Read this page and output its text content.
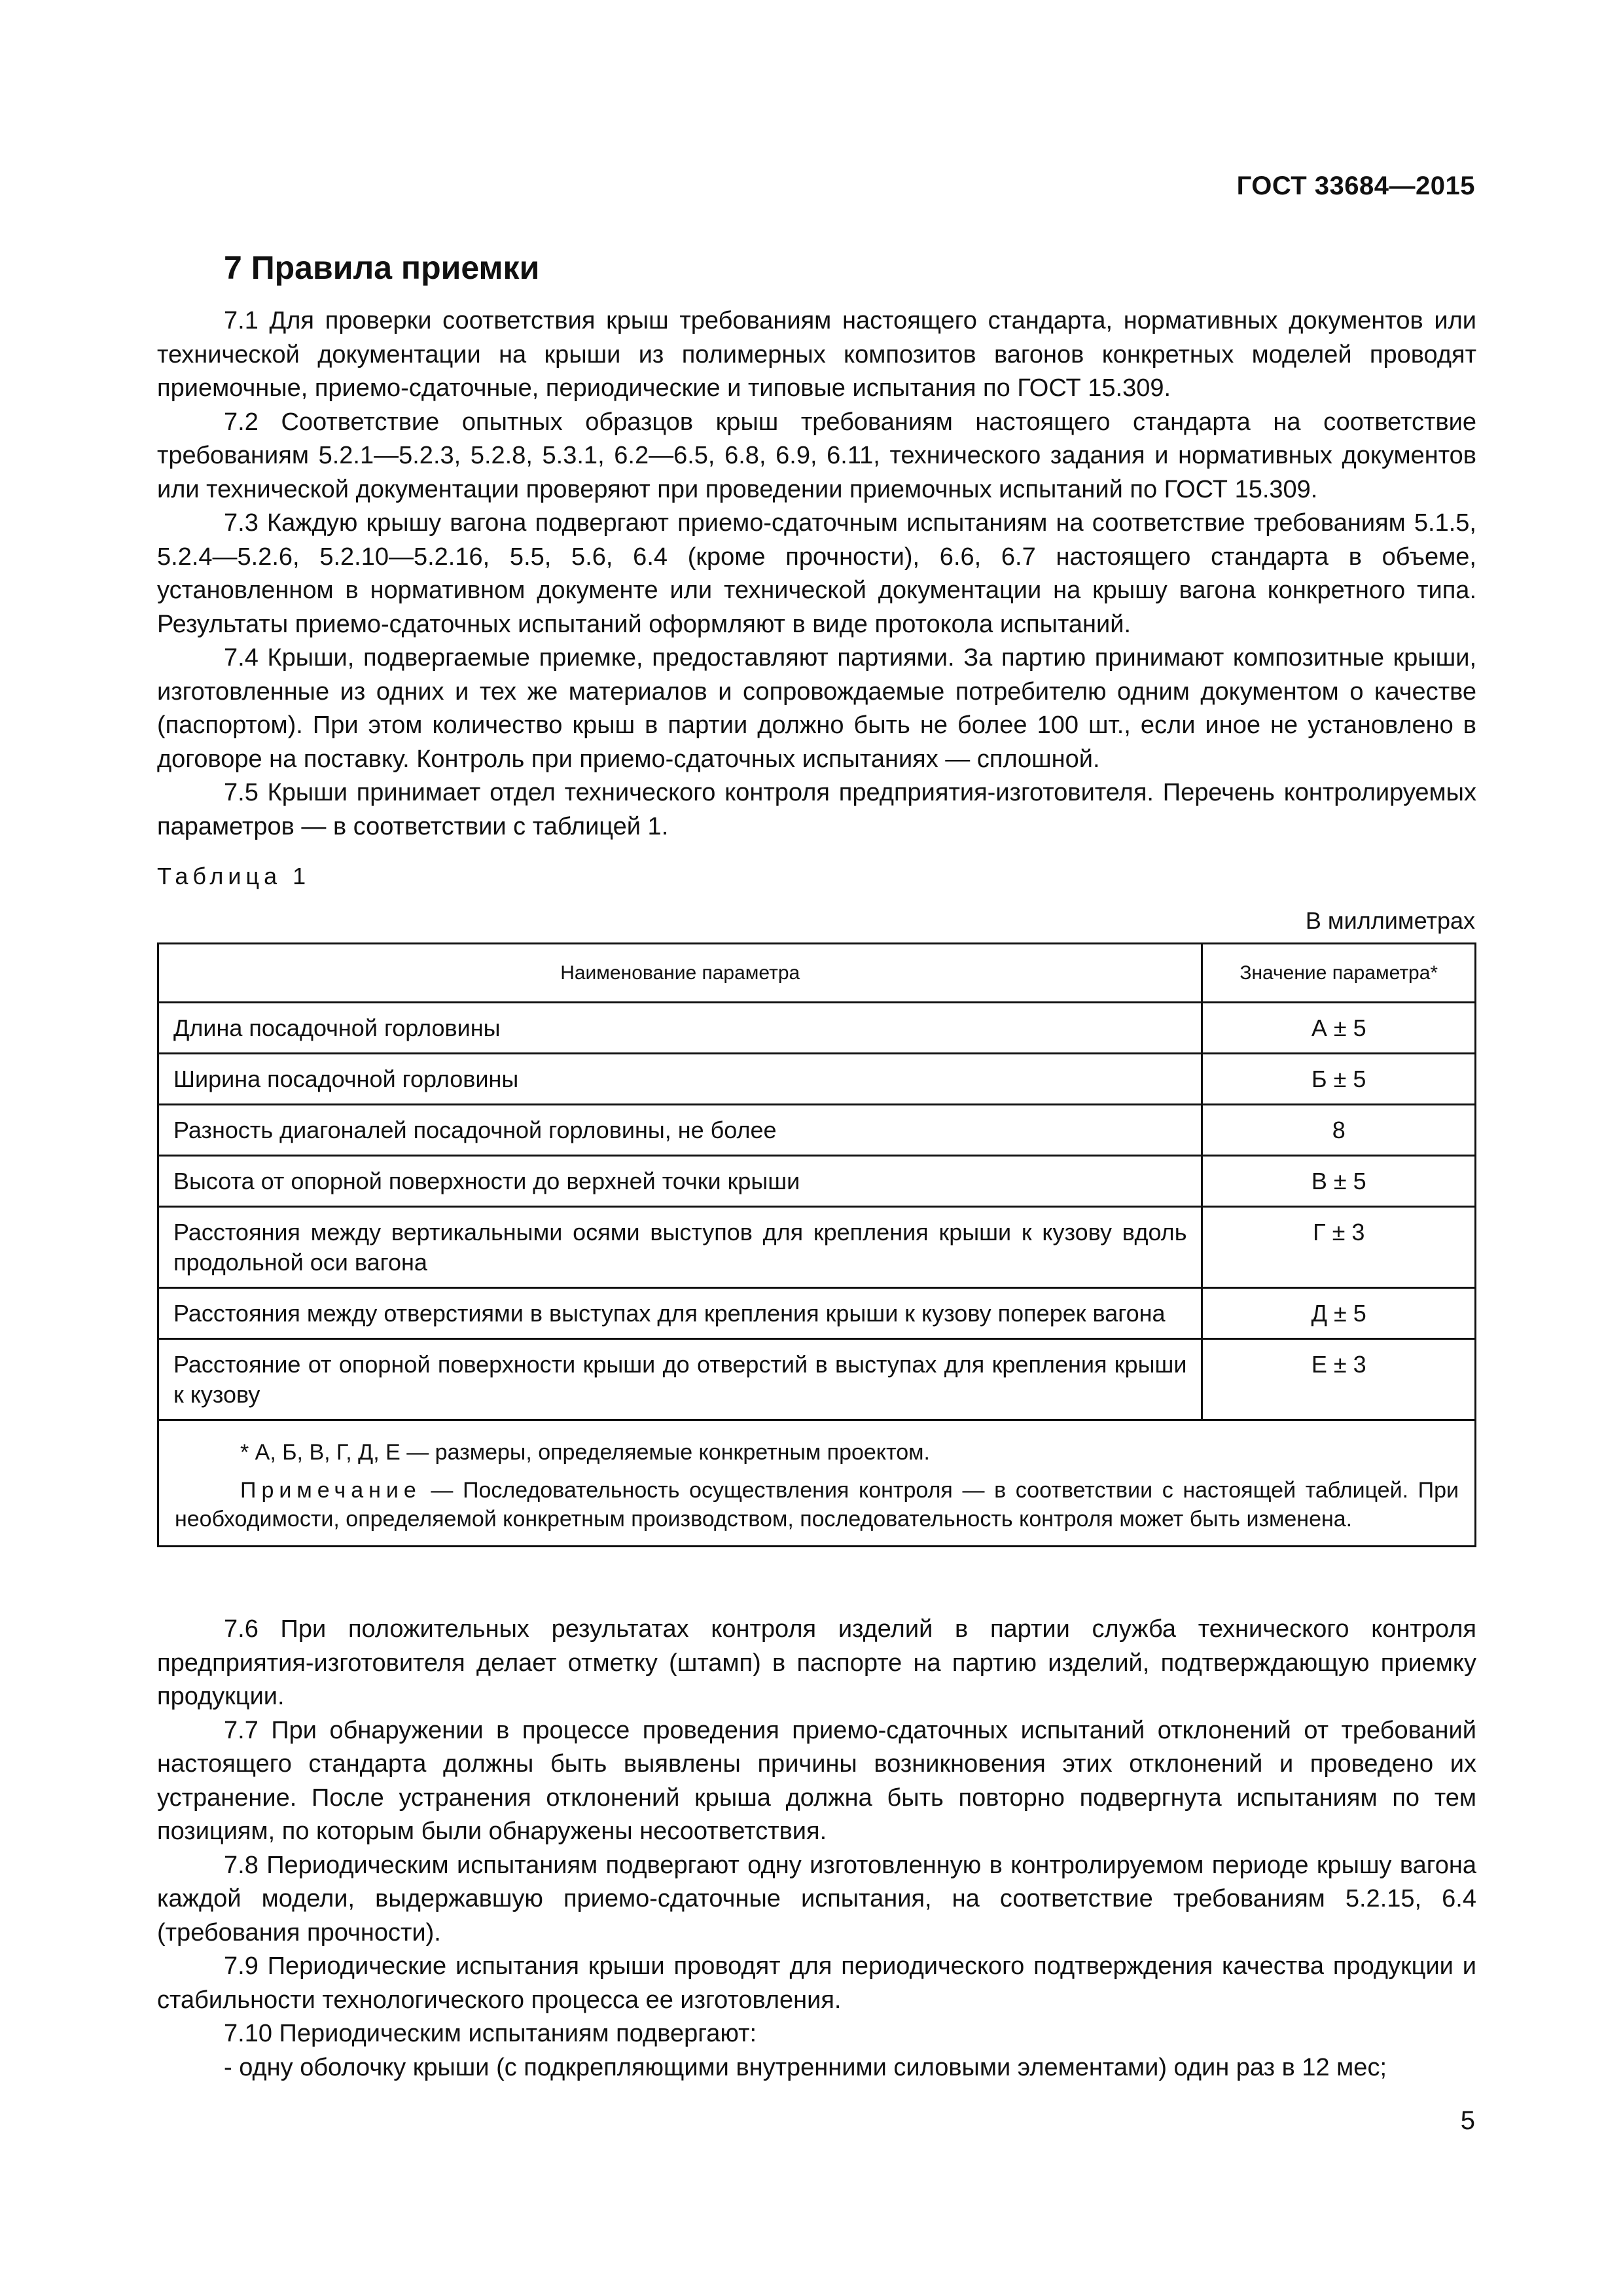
ГОСТ 33684—2015
7 Правила приемки

7.1 Для проверки соответствия крыш требованиям настоящего стандарта, нормативных документов или технической документации на крыши из полимерных композитов вагонов конкретных моделей проводят приемочные, приемо-сдаточные, периодические и типовые испытания по ГОСТ 15.309.

7.2 Соответствие опытных образцов крыш требованиям настоящего стандарта на соответствие требованиям 5.2.1—5.2.3, 5.2.8, 5.3.1, 6.2—6.5, 6.8, 6.9, 6.11, технического задания и нормативных документов или технической документации проверяют при проведении приемочных испытаний по ГОСТ 15.309.

7.3 Каждую крышу вагона подвергают приемо-сдаточным испытаниям на соответствие требованиям 5.1.5, 5.2.4—5.2.6, 5.2.10—5.2.16, 5.5, 5.6, 6.4 (кроме прочности), 6.6, 6.7 настоящего стандарта в объеме, установленном в нормативном документе или технической документации на крышу вагона конкретного типа. Результаты приемо-сдаточных испытаний оформляют в виде протокола испытаний.

7.4 Крыши, подвергаемые приемке, предоставляют партиями. За партию принимают композитные крыши, изготовленные из одних и тех же материалов и сопровождаемые потребителю одним документом о качестве (паспортом). При этом количество крыш в партии должно быть не более 100 шт., если иное не установлено в договоре на поставку. Контроль при приемо-сдаточных испытаниях — сплошной.

7.5 Крыши принимает отдел технического контроля предприятия-изготовителя. Перечень контролируемых параметров — в соответствии с таблицей 1.

Таблица 1
В миллиметрах
Наименование параметра	Значение параметра*
Длина посадочной горловины	А ± 5
Ширина посадочной горловины	Б ± 5
Разность диагоналей посадочной горловины, не более	8
Высота от опорной поверхности до верхней точки крыши	В ± 5
Расстояния между вертикальными осями выступов для крепления крыши к кузову вдоль продольной оси вагона	Г ± 3
Расстояния между отверстиями в выступах для крепления крыши к кузову поперек вагона	Д ± 5
Расстояние от опорной поверхности крыши до отверстий в выступах для крепления крыши к кузову	Е ± 3

* А, Б, В, Г, Д, Е — размеры, определяемые конкретным проектом.

Примечание — Последовательность осуществления контроля — в соответствии с настоящей таблицей. При необходимости, определяемой конкретным производством, последовательность контроля может быть изменена.	

7.6 При положительных результатах контроля изделий в партии служба технического контроля предприятия-изготовителя делает отметку (штамп) в паспорте на партию изделий, подтверждающую приемку продукции.

7.7 При обнаружении в процессе проведения приемо-сдаточных испытаний отклонений от требований настоящего стандарта должны быть выявлены причины возникновения этих отклонений и проведено их устранение. После устранения отклонений крыша должна быть повторно подвергнута испытаниям по тем позициям, по которым были обнаружены несоответствия.

7.8 Периодическим испытаниям подвергают одну изготовленную в контролируемом периоде крышу вагона каждой модели, выдержавшую приемо-сдаточные испытания, на соответствие требованиям 5.2.15, 6.4 (требования прочности).

7.9 Периодические испытания крыши проводят для периодического подтверждения качества продукции и стабильности технологического процесса ее изготовления.

7.10 Периодическим испытаниям подвергают:

- одну оболочку крыши (с подкрепляющими внутренними силовыми элементами) один раз в 12 мес;

5
